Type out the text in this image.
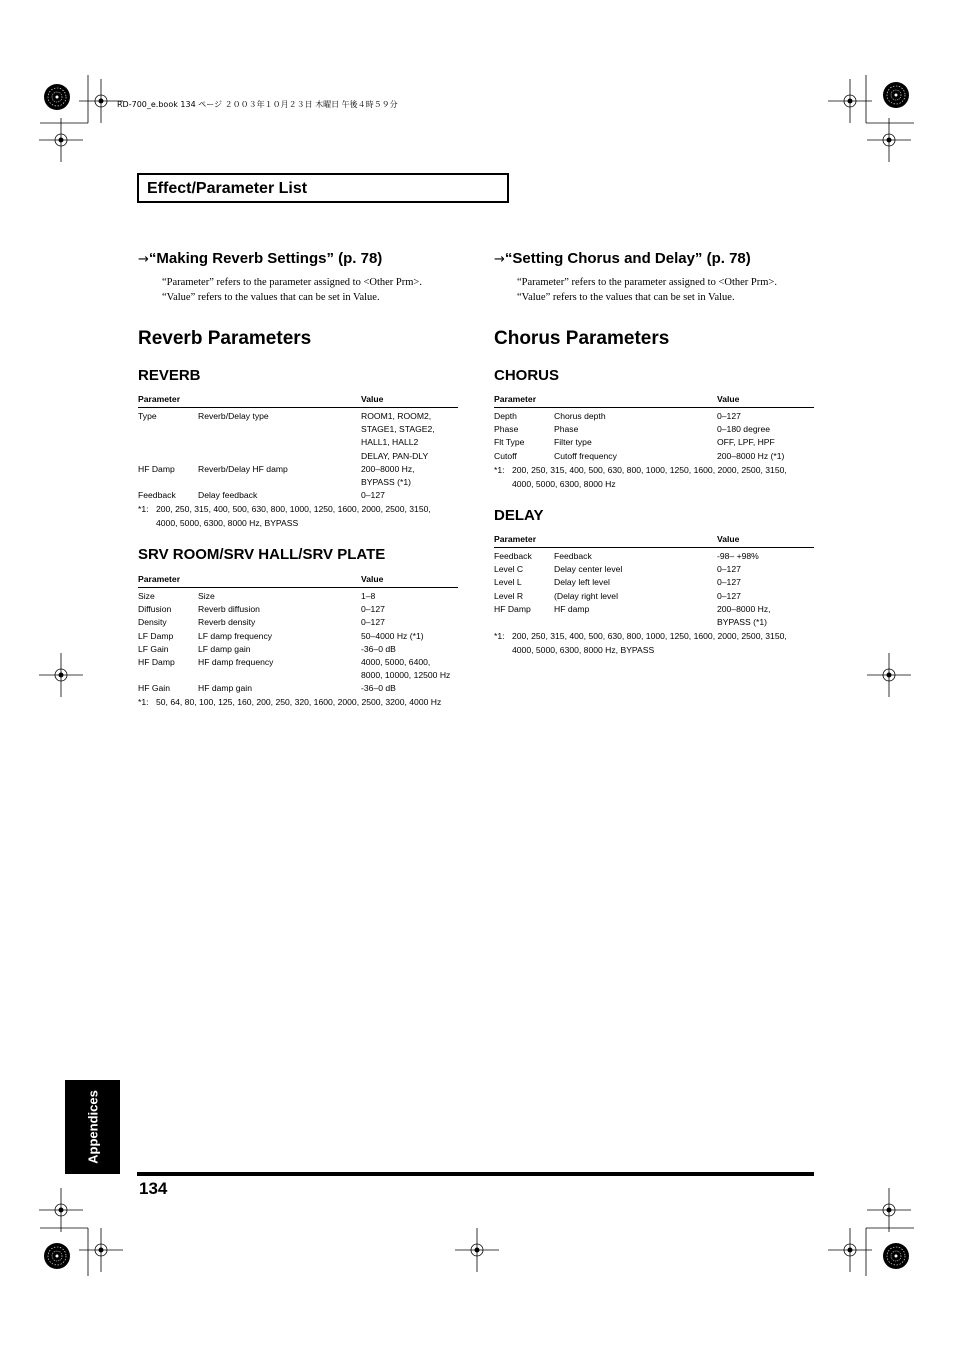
RD-700_e.book 134 ページ ２００３年１０月２３日 木曜日 午後４時５９分
Effect/Parameter List
→“Making Reverb Settings” (p. 78)
“Parameter” refers to the parameter assigned to <Other Prm>.
“Value” refers to the values that can be set in Value.
Reverb Parameters
REVERB
Parameter		Value
Type	Reverb/Delay type	ROOM1, ROOM2,
STAGE1, STAGE2,
HALL1, HALL2
DELAY, PAN-DLY

HF Damp	Reverb/Delay HF damp	200–8000 Hz,
BYPASS (*1)

Feedback	Delay feedback	0–127
*1: 200, 250, 315, 400, 500, 630, 800, 1000, 1250, 1600, 2000, 2500, 3150,
4000, 5000, 6300, 8000 Hz, BYPASS
SRV ROOM/SRV HALL/SRV PLATE
Parameter		Value
Size	Size	1–8

Diffusion	Reverb diffusion	0–127

Density	Reverb density	0–127

LF Damp	LF damp frequency	50–4000 Hz (*1)

LF Gain	LF damp gain	-36–0 dB

HF Damp	HF damp frequency	4000, 5000, 6400,
8000, 10000, 12500 Hz

HF Gain	HF damp gain	-36–0 dB
*1: 50, 64, 80, 100, 125, 160, 200, 250, 320, 1600, 2000, 2500, 3200, 4000 Hz
→“Setting Chorus and Delay” (p. 78)
“Parameter” refers to the parameter assigned to <Other Prm>.
“Value” refers to the values that can be set in Value.
Chorus Parameters
CHORUS
Parameter		Value
Depth	Chorus depth	0–127

Phase	Phase	0–180 degree

Flt Type	Filter type	OFF, LPF, HPF

Cutoff	Cutoff frequency	200–8000 Hz (*1)
*1: 200, 250, 315, 400, 500, 630, 800, 1000, 1250, 1600, 2000, 2500, 3150,
4000, 5000, 6300, 8000 Hz
DELAY
Parameter		Value
Feedback	Feedback	-98– +98%

Level C	Delay center level	0–127

Level L	Delay left level	0–127

Level R	(Delay right level	0–127

HF Damp	HF damp	200–8000 Hz,
BYPASS (*1)
*1: 200, 250, 315, 400, 500, 630, 800, 1000, 1250, 1600, 2000, 2500, 3150,
4000, 5000, 6300, 8000 Hz, BYPASS
Appendices
134
